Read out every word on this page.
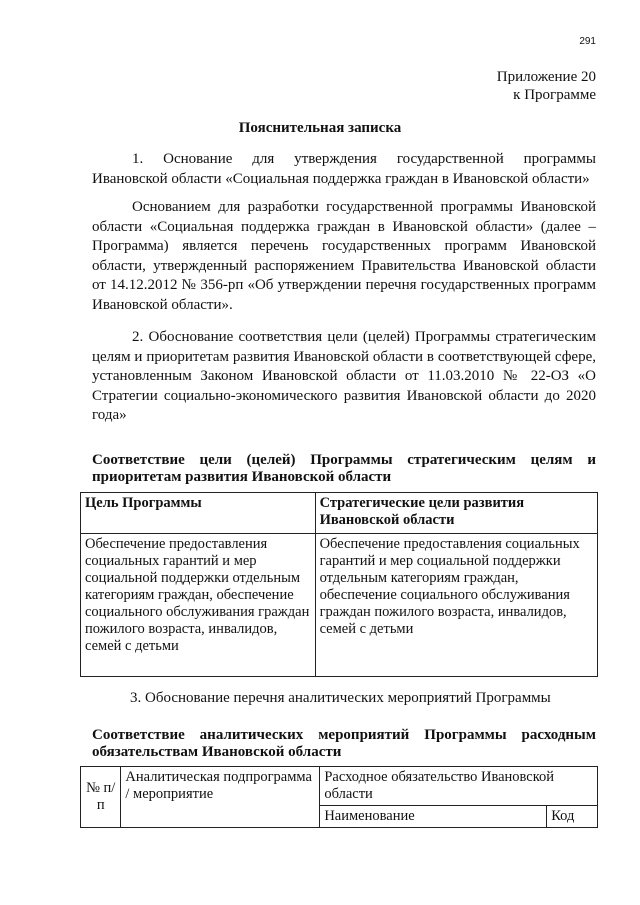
291
Приложение 20
к Программе
Пояснительная записка
1. Основание для утверждения государственной программы
Ивановской области «Социальная поддержка граждан в Ивановской области»
Основанием для разработки государственной программы Ивановской области «Социальная поддержка граждан в Ивановской области» (далее – Программа) является перечень государственных программ Ивановской области, утвержденный распоряжением Правительства Ивановской области от 14.12.2012 № 356-рп «Об утверждении перечня государственных программ Ивановской области».
2. Обоснование соответствия цели (целей) Программы стратегическим целям и приоритетам развития Ивановской области в соответствующей сфере, установленным Законом Ивановской области от 11.03.2010 № 22-ОЗ «О Стратегии социально-экономического развития Ивановской области до 2020 года»
Соответствие цели (целей) Программы стратегическим целям и приоритетам развития Ивановской области
Цель Программы	Стратегические цели развития Ивановской области
Обеспечение предоставления социальных гарантий и мер социальной поддержки отдельным категориям граждан, обеспечение социального обслуживания граждан пожилого возраста, инвалидов, семей с детьми	Обеспечение предоставления социальных гарантий и мер социальной поддержки отдельным категориям граждан, обеспечение социального обслуживания граждан пожилого возраста, инвалидов, семей с детьми
3. Обоснование перечня аналитических мероприятий Программы
Соответствие аналитических мероприятий Программы расходным обязательствам Ивановской области
№ п/п	Аналитическая подпрограмма / мероприятие	Расходное обязательство Ивановской области	
		Наименование	Код
